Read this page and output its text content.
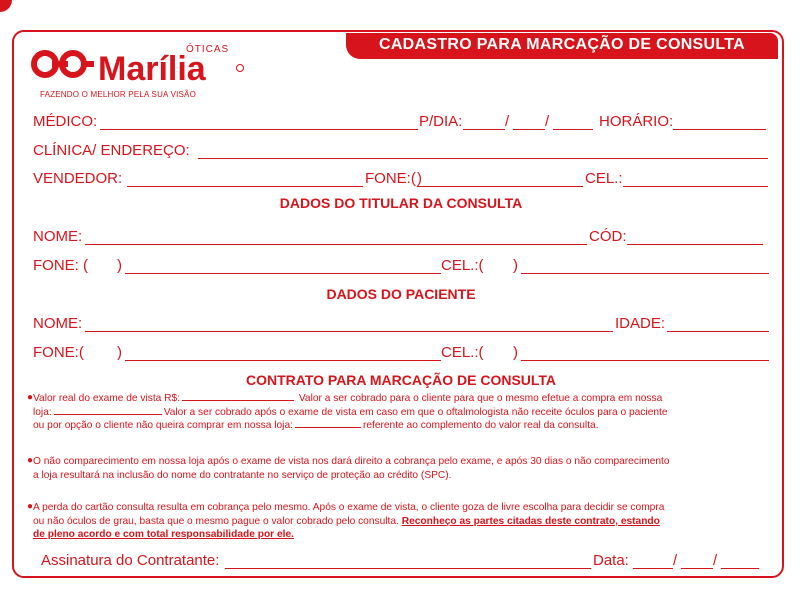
CADASTRO PARA MARCAÇÃO DE CONSULTA
ÓTICAS
Marília
FAZENDO O MELHOR PELA SUA VISÃO
MÉDICO:	P/DIA:	/ /	HORÁRIO:
CLÍNICA/ ENDEREÇO:
VENDEDOR:	FONE:( )	CEL.:
DADOS DO TITULAR DA CONSULTA
NOME:	CÓD:
FONE: ( )	CEL.:( )
DADOS DO PACIENTE
NOME:	IDADE:
FONE:( )	CEL.:( )
CONTRATO PARA MARCAÇÃO DE CONSULTA
● Valor real do exame de vista R$:	Valor a ser cobrado para o cliente para que o mesmo efetue a compra em nossa
loja:	Valor a ser cobrado após o exame de vista em caso em que o oftalmologista não receite óculos para o paciente
ou por opção o cliente não queira comprar em nossa loja:	referente ao complemento do valor real da consulta.
● O não comparecimento em nossa loja após o exame de vista nos dará direito a cobrança pelo exame, e após 30 dias o não comparecimento
a loja resultará na inclusão do nome do contratante no serviço de proteção ao crédito (SPC).
● A perda do cartão consulta resulta em cobrança pelo mesmo. Após o exame de vista, o cliente goza de livre escolha para decidir se compra
ou não óculos de grau, basta que o mesmo pague o valor cobrado pelo consulta. Reconheço as partes citadas deste contrato, estando
de pleno acordo e com total responsabilidade por ele.
Assinatura do Contratante:	Data:	/ /
